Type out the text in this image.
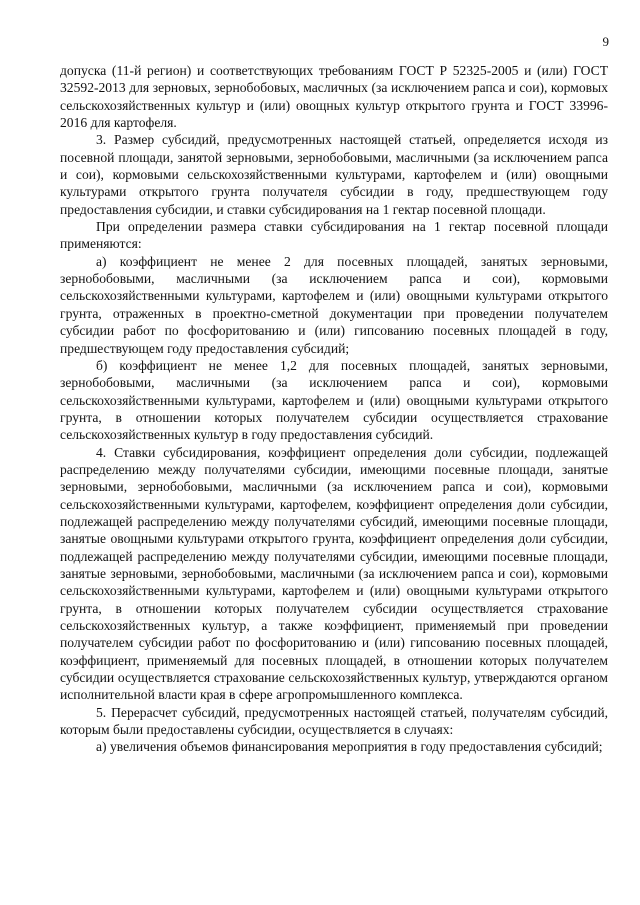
9

допуска (11-й регион) и соответствующих требованиям ГОСТ Р 52325-2005 и (или) ГОСТ 32592-2013 для зерновых, зернобобовых, масличных (за исключением рапса и сои), кормовых сельскохозяйственных культур и (или) овощных культур открытого грунта и ГОСТ 33996-2016 для картофеля.

3. Размер субсидий, предусмотренных настоящей статьей, определяется исходя из посевной площади, занятой зерновыми, зернобобовыми, масличными (за исключением рапса и сои), кормовыми сельскохозяйственными культурами, картофелем и (или) овощными культурами открытого грунта получателя субсидии в году, предшествующем году предоставления субсидии, и ставки субсидирования на 1 гектар посевной площади.

При определении размера ставки субсидирования на 1 гектар посевной площади применяются:

а) коэффициент не менее 2 для посевных площадей, занятых зерновыми, зернобобовыми, масличными (за исключением рапса и сои), кормовыми сельскохозяйственными культурами, картофелем и (или) овощными культурами открытого грунта, отраженных в проектно-сметной документации при проведении получателем субсидии работ по фосфоритованию и (или) гипсованию посевных площадей в году, предшествующем году предоставления субсидий;

б) коэффициент не менее 1,2 для посевных площадей, занятых зерновыми, зернобобовыми, масличными (за исключением рапса и сои), кормовыми сельскохозяйственными культурами, картофелем и (или) овощными культурами открытого грунта, в отношении которых получателем субсидии осуществляется страхование сельскохозяйственных культур в году предоставления субсидий.

4. Ставки субсидирования, коэффициент определения доли субсидии, подлежащей распределению между получателями субсидии, имеющими посевные площади, занятые зерновыми, зернобобовыми, масличными (за исключением рапса и сои), кормовыми сельскохозяйственными культурами, картофелем, коэффициент определения доли субсидии, подлежащей распределению между получателями субсидий, имеющими посевные площади, занятые овощными культурами открытого грунта, коэффициент определения доли субсидии, подлежащей распределению между получателями субсидии, имеющими посевные площади, занятые зерновыми, зернобобовыми, масличными (за исключением рапса и сои), кормовыми сельскохозяйственными культурами, картофелем и (или) овощными культурами открытого грунта, в отношении которых получателем субсидии осуществляется страхование сельскохозяйственных культур, а также коэффициент, применяемый при проведении получателем субсидии работ по фосфоритованию и (или) гипсованию посевных площадей, коэффициент, применяемый для посевных площадей, в отношении которых получателем субсидии осуществляется страхование сельскохозяйственных культур, утверждаются органом исполнительной власти края в сфере агропромышленного комплекса.

5. Перерасчет субсидий, предусмотренных настоящей статьей, получателям субсидий, которым были предоставлены субсидии, осуществляется в случаях:

а) увеличения объемов финансирования мероприятия в году предоставления субсидий;
